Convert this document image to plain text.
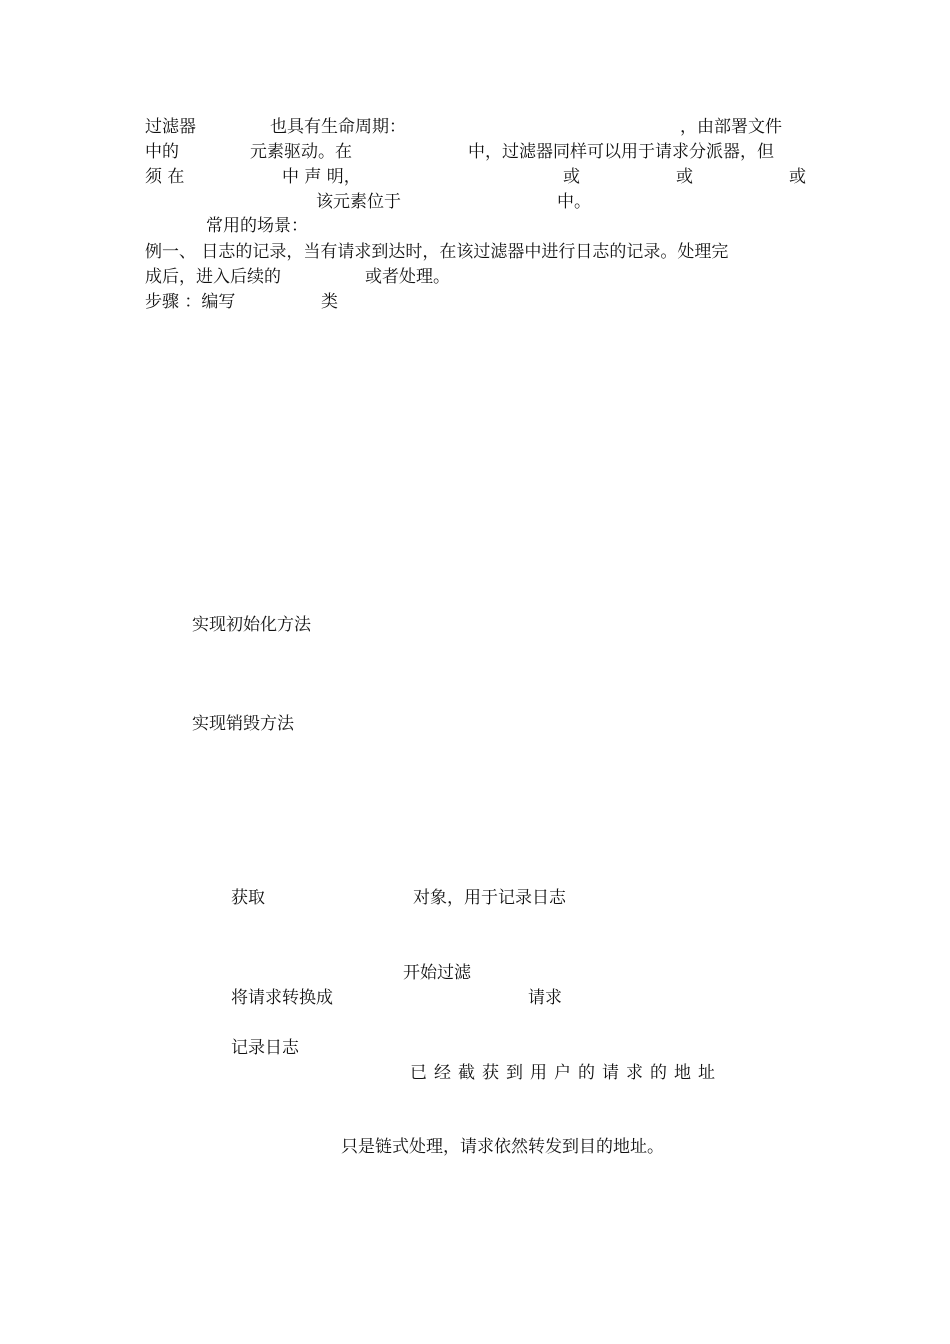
过滤器	也具有生命周期：	，由部署文件
中的	元素驱动。在	中，过滤器同样可以用于请求分派器，但
须 在	中 声 明，	或	或	或
该元素位于	中。
常用的场景：
例一、 日志的记录，当有请求到达时，在该过滤器中进行日志的记录。处理完
成后，进入后续的	或者处理。
步骤 ：编写	类
实现初始化方法
实现销毁方法
获取	对象，用于记录日志
开始过滤
将请求转换成	请求
记录日志
已经截获到用户的请求的地址
只是链式处理，请求依然转发到目的地址。
